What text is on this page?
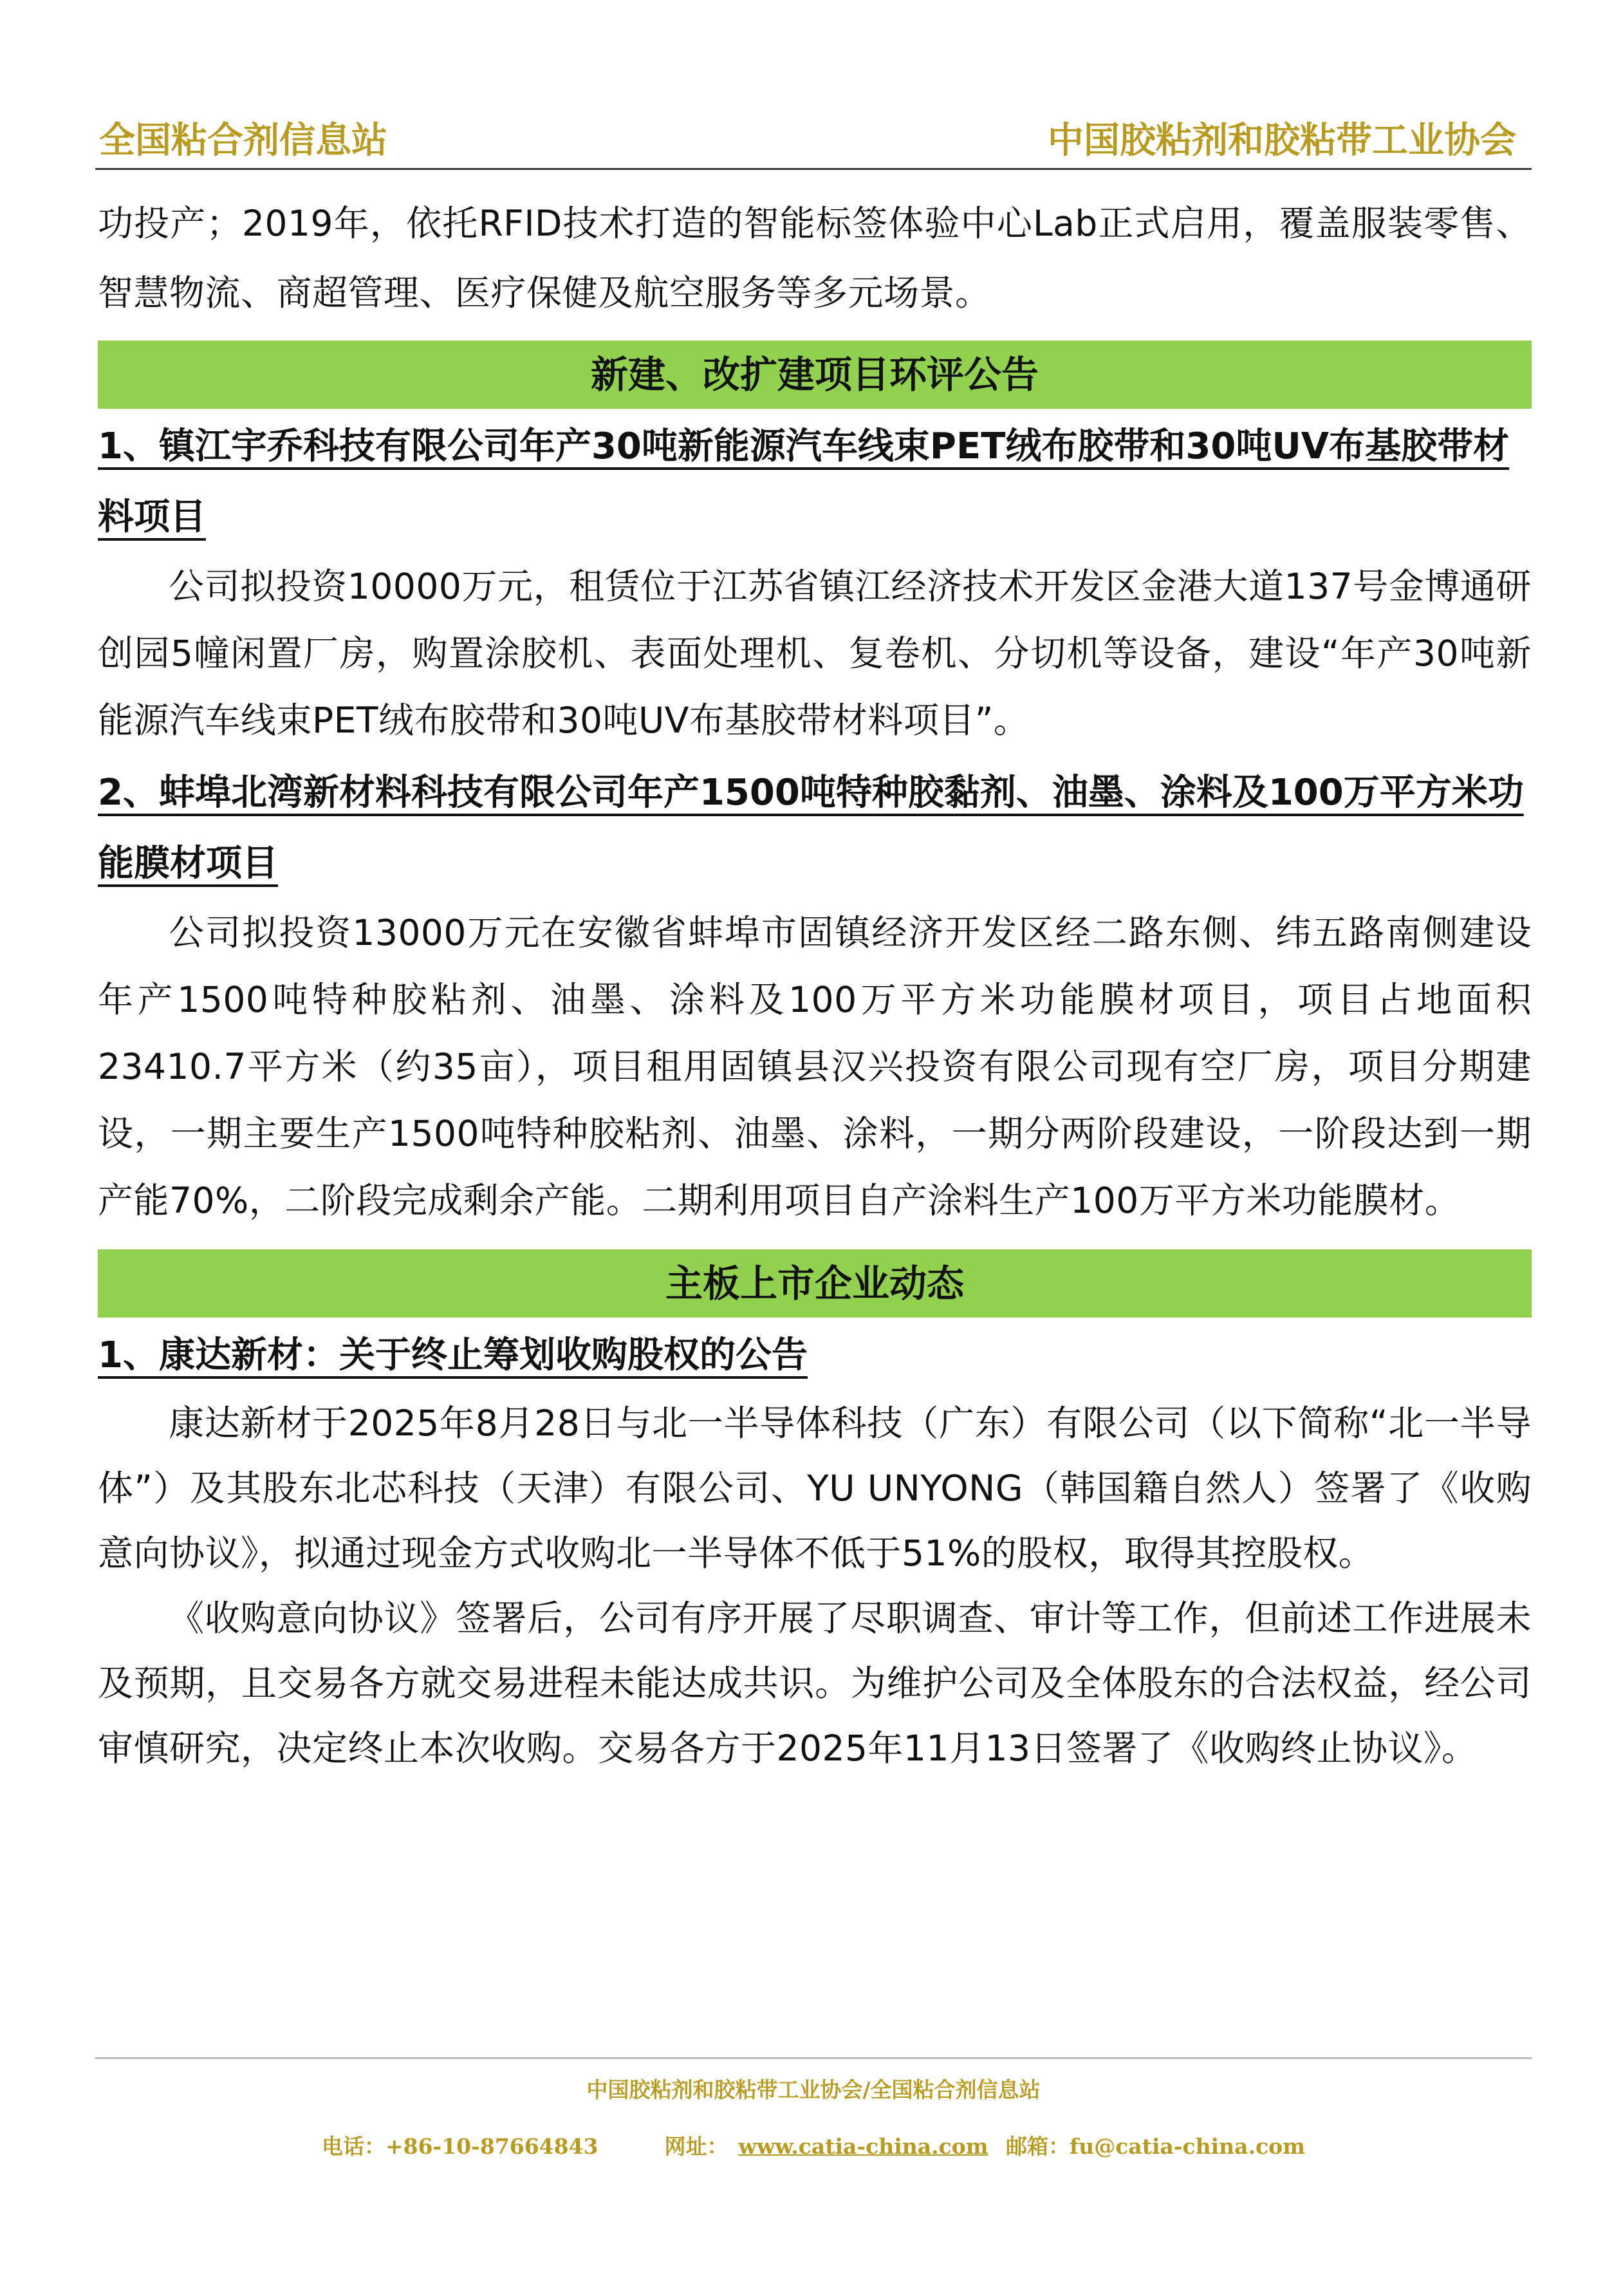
全国粘合剂信息站	中国胶粘剂和胶粘带工业协会

功投产；2019年，依托RFID技术打造的智能标签体验中心Lab正式启用，覆盖服装零售、智慧物流、商超管理、医疗保健及航空服务等多元场景。

新建、改扩建项目环评公告
1、镇江宇乔科技有限公司年产30吨新能源汽车线束PET绒布胶带和30吨UV布基胶带材料项目

公司拟投资10000万元，租赁位于江苏省镇江经济技术开发区金港大道137号金博通研创园5幢闲置厂房，购置涂胶机、表面处理机、复卷机、分切机等设备，建设“年产30吨新能源汽车线束PET绒布胶带和30吨UV布基胶带材料项目”。

2、蚌埠北湾新材料科技有限公司年产1500吨特种胶黏剂、油墨、涂料及100万平方米功能膜材项目

公司拟投资13000万元在安徽省蚌埠市固镇经济开发区经二路东侧、纬五路南侧建设年产1500吨特种胶粘剂、油墨、涂料及100万平方米功能膜材项目，项目占地面积23410.7平方米（约35亩），项目租用固镇县汉兴投资有限公司现有空厂房，项目分期建设，一期主要生产1500吨特种胶粘剂、油墨、涂料，一期分两阶段建设，一阶段达到一期产能70%，二阶段完成剩余产能。二期利用项目自产涂料生产100万平方米功能膜材。

主板上市企业动态
1、康达新材：关于终止筹划收购股权的公告

康达新材于2025年8月28日与北一半导体科技（广东）有限公司（以下简称“北一半导体”）及其股东北芯科技（天津）有限公司、YU UNYONG（韩国籍自然人）签署了《收购意向协议》，拟通过现金方式收购北一半导体不低于51%的股权，取得其控股权。

《收购意向协议》签署后，公司有序开展了尽职调查、审计等工作，但前述工作进展未及预期，且交易各方就交易进程未能达成共识。为维护公司及全体股东的合法权益，经公司审慎研究，决定终止本次收购。交易各方于2025年11月13日签署了《收购终止协议》。

中国胶粘剂和胶粘带工业协会/全国粘合剂信息站
电话：+86-10-87664843	网址： www.catia-china.com 邮箱：fu@catia-china.com
